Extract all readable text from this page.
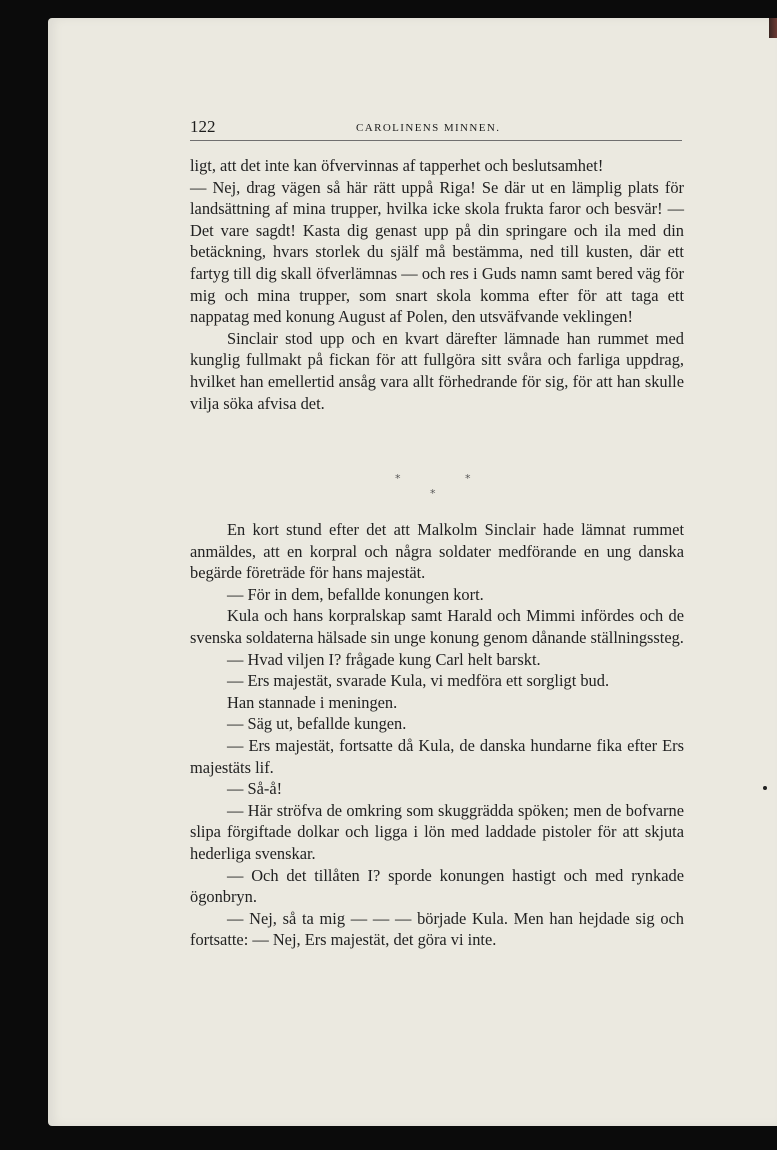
122	CAROLINENS MINNEN.

ligt, att det inte kan öfvervinnas af tapperhet och beslutsamhet!

— Nej, drag vägen så här rätt uppå Riga! Se där ut en lämplig plats för landsättning af mina trupper, hvilka icke skola frukta faror och besvär! — Det vare sagdt! Kasta dig genast upp på din springare och ila med din betäckning, hvars storlek du själf må bestämma, ned till kusten, där ett fartyg till dig skall öfverlämnas — och res i Guds namn samt bered väg för mig och mina trupper, som snart skola komma efter för att taga ett nappatag med konung August af Polen, den utsväfvande veklingen!

Sinclair stod upp och en kvart därefter lämnade han rummet med kunglig fullmakt på fickan för att fullgöra sitt svåra och farliga uppdrag, hvilket han emellertid ansåg vara allt förhedrande för sig, för att han skulle vilja söka afvisa det.

*	*
*

En kort stund efter det att Malkolm Sinclair hade lämnat rummet anmäldes, att en korpral och några soldater medförande en ung danska begärde företräde för hans majestät.

— För in dem, befallde konungen kort.

Kula och hans korpralskap samt Harald och Mimmi infördes och de svenska soldaterna hälsade sin unge konung genom dånande ställningssteg.

— Hvad viljen I? frågade kung Carl helt barskt.

— Ers majestät, svarade Kula, vi medföra ett sorgligt bud.

Han stannade i meningen.

— Säg ut, befallde kungen.

— Ers majestät, fortsatte då Kula, de danska hundarne fika efter Ers majestäts lif.

— Så-å!

— Här ströfva de omkring som skuggrädda spöken; men de bofvarne slipa förgiftade dolkar och ligga i lön med laddade pistoler för att skjuta hederliga svenskar.

— Och det tillåten I? sporde konungen hastigt och med rynkade ögonbryn.

— Nej, så ta mig — — — började Kula. Men han hejdade sig och fortsatte: — Nej, Ers majestät, det göra vi inte.
